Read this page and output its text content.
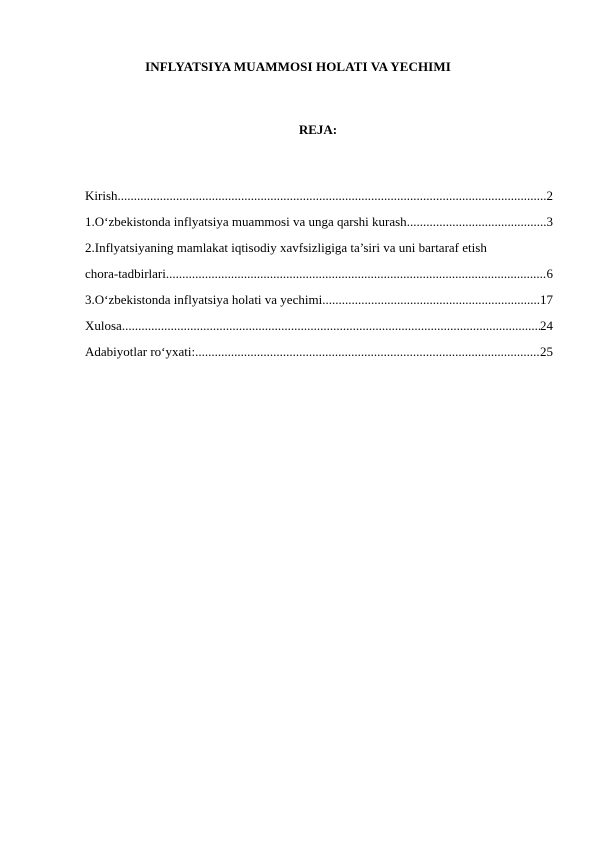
INFLYATSIYA MUAMMOSI HOLATI VA YECHIMI
REJA:
Kirish .....	2
1.O‘zbekistonda inflyatsiya muammosi va unga qarshi kurash .....	3
2.Inflyatsiyaning mamlakat iqtisodiy xavfsizligiga ta’siri va uni bartaraf etish
chora-tadbirlari .....	6
3.O‘zbekistonda inflyatsiya holati va yechimi .....	17
Xulosa .....	24
Adabiyotlar ro‘yxati: .....	25
